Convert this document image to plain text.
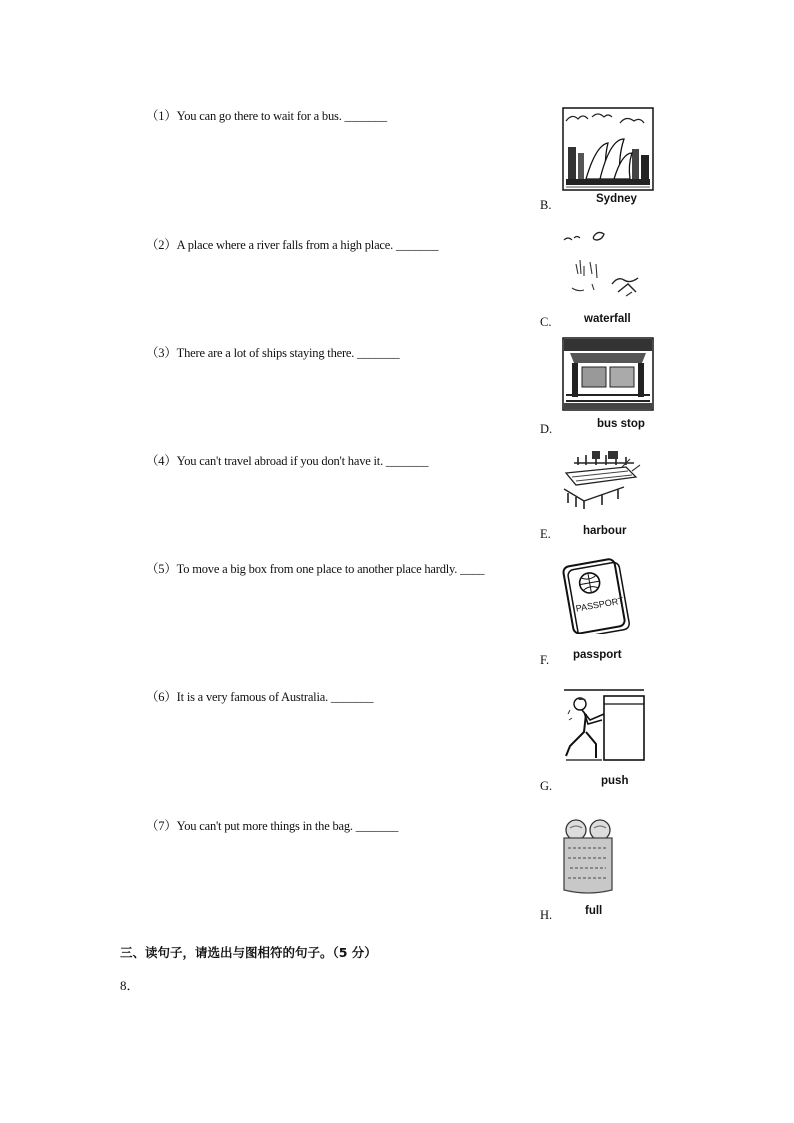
（1）You can go there to wait for a bus. _______
（2）A place where a river falls from a high place. _______
（3）There are a lot of ships staying there. _______
（4）You can't travel abroad if you don't have it. _______
（5）To move a big box from one place to another place hardly. ____
（6）It is a very famous of Australia. _______
（7）You can't put more things in the bag. _______
B.	Sydney
C.	waterfall
D.	bus stop
E.	harbour
PASSPORT
F. passport
G.	push
H.	full
三、读句子，请选出与图相符的句子。（5 分）
8．
